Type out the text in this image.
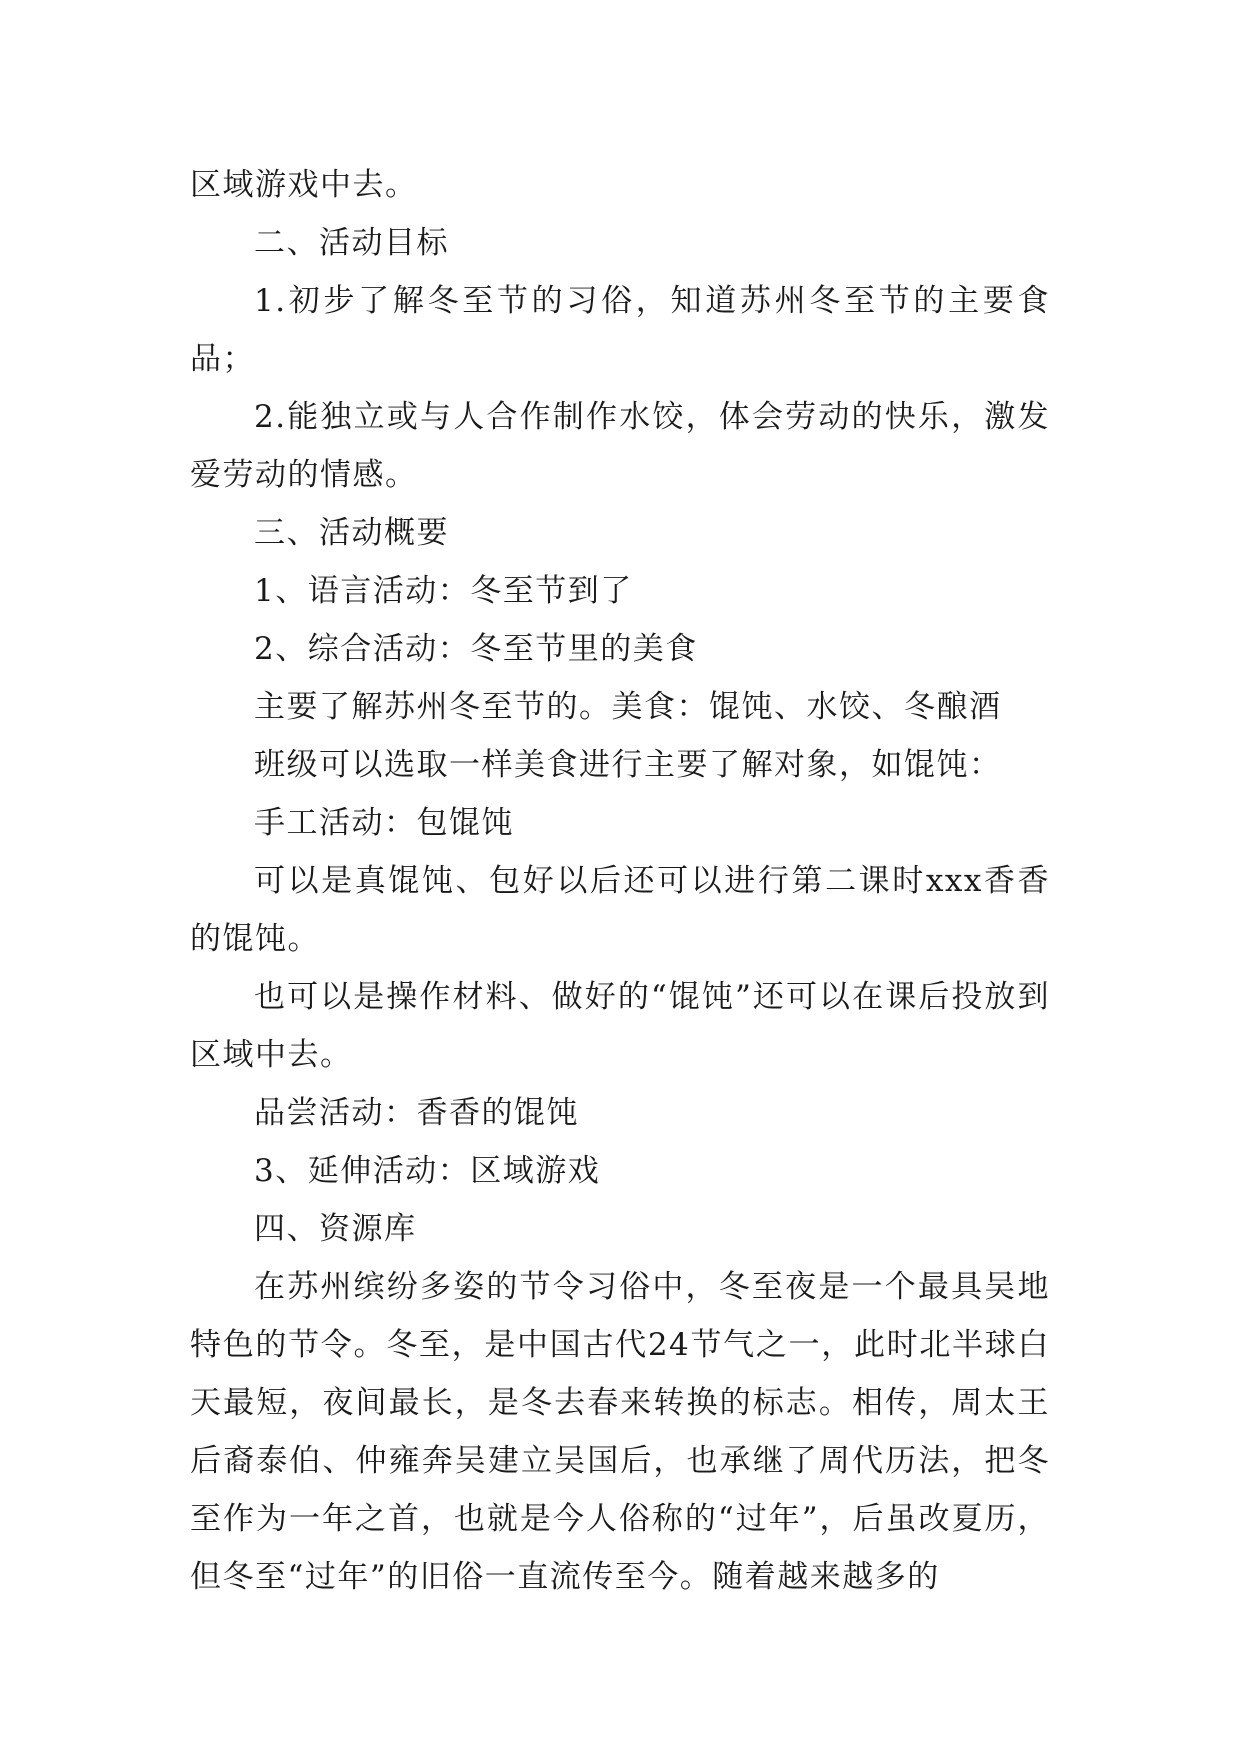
区域游戏中去。

二、活动目标

1.初步了解冬至节的习俗，知道苏州冬至节的主要食品；

2.能独立或与人合作制作水饺，体会劳动的快乐，激发爱劳动的情感。

三、活动概要

1、语言活动：冬至节到了

2、综合活动：冬至节里的美食

主要了解苏州冬至节的。美食：馄饨、水饺、冬酿酒

班级可以选取一样美食进行主要了解对象，如馄饨：

手工活动：包馄饨

可以是真馄饨、包好以后还可以进行第二课时xxx香香的馄饨。

也可以是操作材料、做好的“馄饨”还可以在课后投放到区域中去。

品尝活动：香香的馄饨

3、延伸活动：区域游戏

四、资源库

在苏州缤纷多姿的节令习俗中，冬至夜是一个最具吴地特色的节令。冬至，是中国古代24节气之一，此时北半球白天最短，夜间最长，是冬去春来转换的标志。相传，周太王后裔泰伯、仲雍奔吴建立吴国后，也承继了周代历法，把冬至作为一年之首，也就是今人俗称的“过年”，后虽改夏历，但冬至“过年”的旧俗一直流传至今。随着越来越多的
